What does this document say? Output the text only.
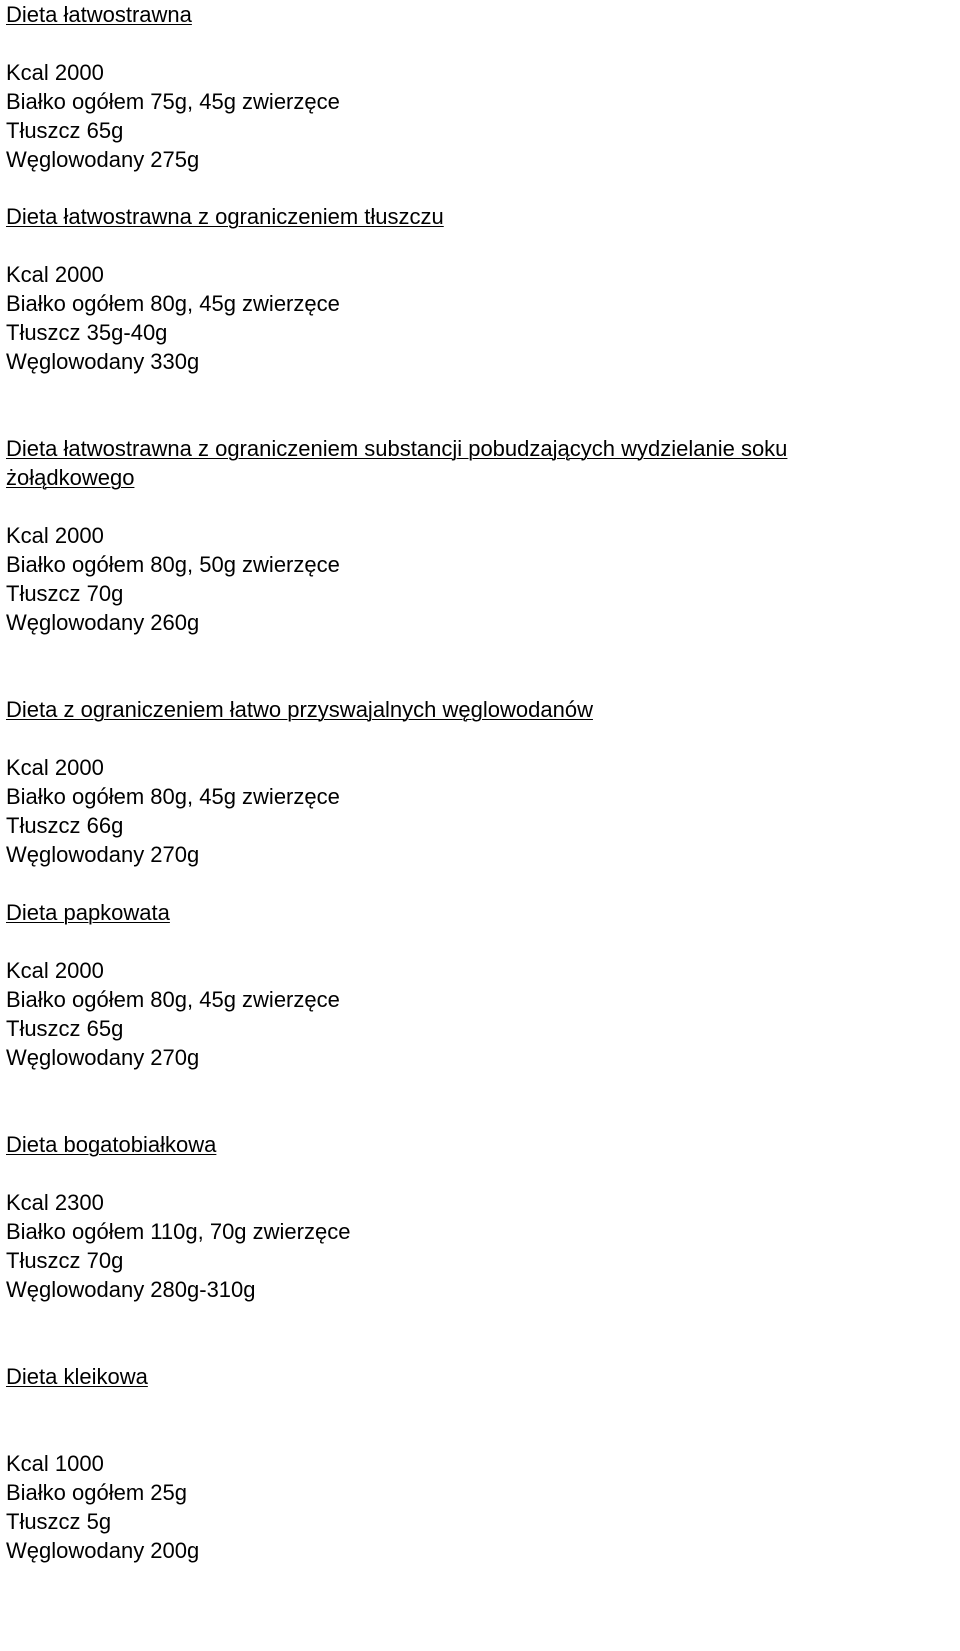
Dieta łatwostrawna
Kcal 2000
Białko ogółem 75g, 45g zwierzęce
Tłuszcz 65g
Węglowodany 275g
Dieta łatwostrawna z ograniczeniem tłuszczu
Kcal 2000
Białko ogółem 80g, 45g zwierzęce
Tłuszcz 35g-40g
Węglowodany 330g
Dieta łatwostrawna z ograniczeniem substancji pobudzających wydzielanie soku
żołądkowego
Kcal 2000
Białko ogółem 80g, 50g zwierzęce
Tłuszcz 70g
Węglowodany 260g
Dieta z ograniczeniem łatwo przyswajalnych węglowodanów
Kcal 2000
Białko ogółem 80g, 45g zwierzęce
Tłuszcz 66g
Węglowodany 270g
Dieta papkowata
Kcal 2000
Białko ogółem 80g, 45g zwierzęce
Tłuszcz 65g
Węglowodany 270g
Dieta bogatobiałkowa
Kcal 2300
Białko ogółem 110g, 70g zwierzęce
Tłuszcz 70g
Węglowodany 280g-310g
Dieta kleikowa
Kcal 1000
Białko ogółem 25g
Tłuszcz 5g
Węglowodany 200g
